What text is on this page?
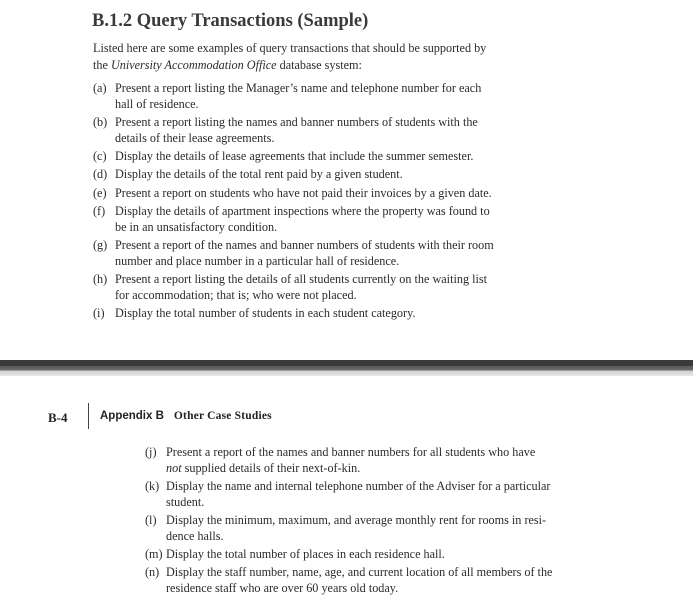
B.1.2 Query Transactions (Sample)
Listed here are some examples of query transactions that should be supported by
the University Accommodation Office database system:
(a) Present a report listing the Manager’s name and telephone number for each
hall of residence.
(b) Present a report listing the names and banner numbers of students with the
details of their lease agreements.
(c) Display the details of lease agreements that include the summer semester.
(d) Display the details of the total rent paid by a given student.
(e) Present a report on students who have not paid their invoices by a given date.
(f) Display the details of apartment inspections where the property was found to
be in an unsatisfactory condition.
(g) Present a report of the names and banner numbers of students with their room
number and place number in a particular hall of residence.
(h) Present a report listing the details of all students currently on the waiting list
for accommodation; that is; who were not placed.
(i) Display the total number of students in each student category.
B-4	Appendix B Other Case Studies
(j) Present a report of the names and banner numbers for all students who have
not supplied details of their next-of-kin.
(k) Display the name and internal telephone number of the Adviser for a particular
student.
(l) Display the minimum, maximum, and average monthly rent for rooms in resi-
dence halls.
(m) Display the total number of places in each residence hall.
(n) Display the staff number, name, age, and current location of all members of the
residence staff who are over 60 years old today.
